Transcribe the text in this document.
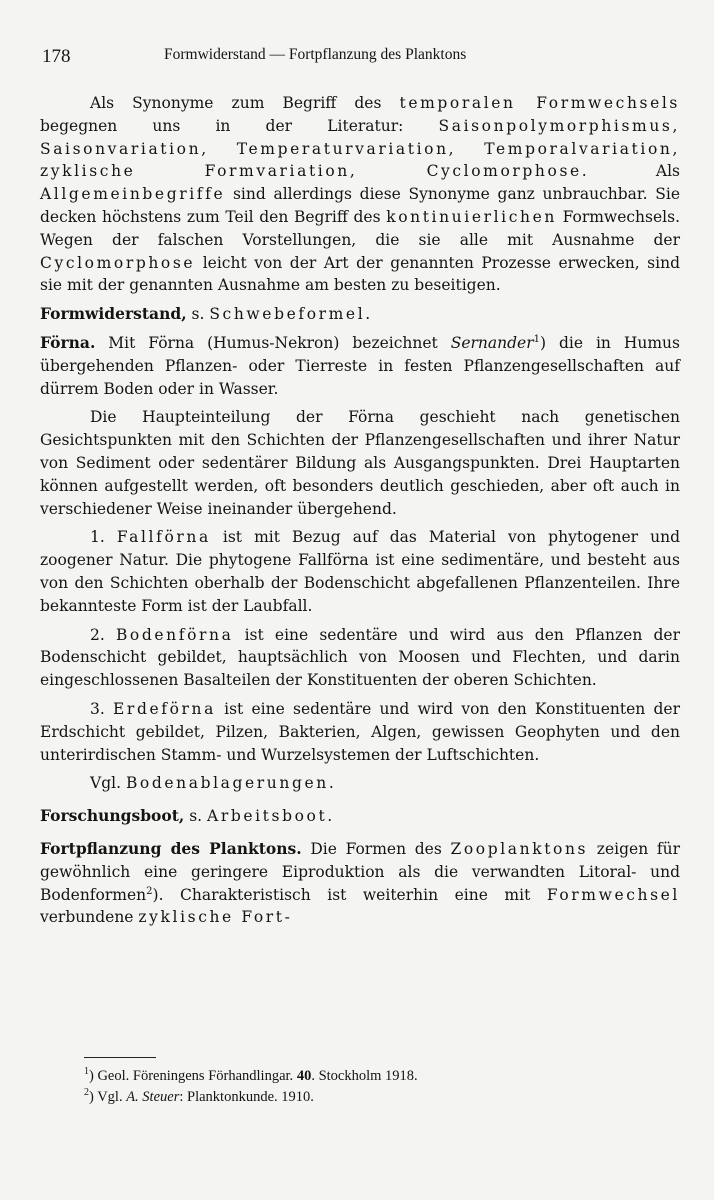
178	Formwiderstand — Fortpflanzung des Planktons

Als Synonyme zum Begriff des temporalen Formwechsels begegnen uns in der Literatur: Saisonpolymorphismus, Saisonvariation, Temperaturvariation, Temporalvariation, zyklische Formvariation, Cyclomorphose. Als Allgemeinbegriffe sind allerdings diese Synonyme ganz unbrauchbar. Sie decken höchstens zum Teil den Begriff des kontinuierlichen Formwechsels. Wegen der falschen Vorstellungen, die sie alle mit Ausnahme der Cyclomorphose leicht von der Art der genannten Prozesse erwecken, sind sie mit der genannten Ausnahme am besten zu beseitigen.

Formwiderstand, s. Schwebeformel.

Förna. Mit Förna (Humus-Nekron) bezeichnet Sernander$^1$) die in Humus übergehenden Pflanzen- oder Tierreste in festen Pflanzengesellschaften auf dürrem Boden oder in Wasser.

Die Haupteinteilung der Förna geschieht nach genetischen Gesichtspunkten mit den Schichten der Pflanzengesellschaften und ihrer Natur von Sediment oder sedentärer Bildung als Ausgangspunkten. Drei Hauptarten können aufgestellt werden, oft besonders deutlich geschieden, aber oft auch in verschiedener Weise ineinander übergehend.

1. Fallförna ist mit Bezug auf das Material von phytogener und zoogener Natur. Die phytogene Fallförna ist eine sedimentäre, und besteht aus von den Schichten oberhalb der Bodenschicht abgefallenen Pflanzenteilen. Ihre bekannteste Form ist der Laubfall.

2. Bodenförna ist eine sedentäre und wird aus den Pflanzen der Bodenschicht gebildet, hauptsächlich von Moosen und Flechten, und darin eingeschlossenen Basalteilen der Konstituenten der oberen Schichten.

3. Erdeförna ist eine sedentäre und wird von den Konstituenten der Erdschicht gebildet, Pilzen, Bakterien, Algen, gewissen Geophyten und den unterirdischen Stamm- und Wurzelsystemen der Luftschichten.

Vgl. Bodenablagerungen.

Forschungsboot, s. Arbeitsboot.

Fortpflanzung des Planktons. Die Formen des Zooplanktons zeigen für gewöhnlich eine geringere Eiproduktion als die verwandten Litoral- und Bodenformen$^2$). Charakteristisch ist weiterhin eine mit Formwechsel verbundene zyklische Fort-

$^1$) Geol. Föreningens Förhandlingar. 40. Stockholm 1918.
$^2$) Vgl. A. Steuer: Planktonkunde. 1910.
